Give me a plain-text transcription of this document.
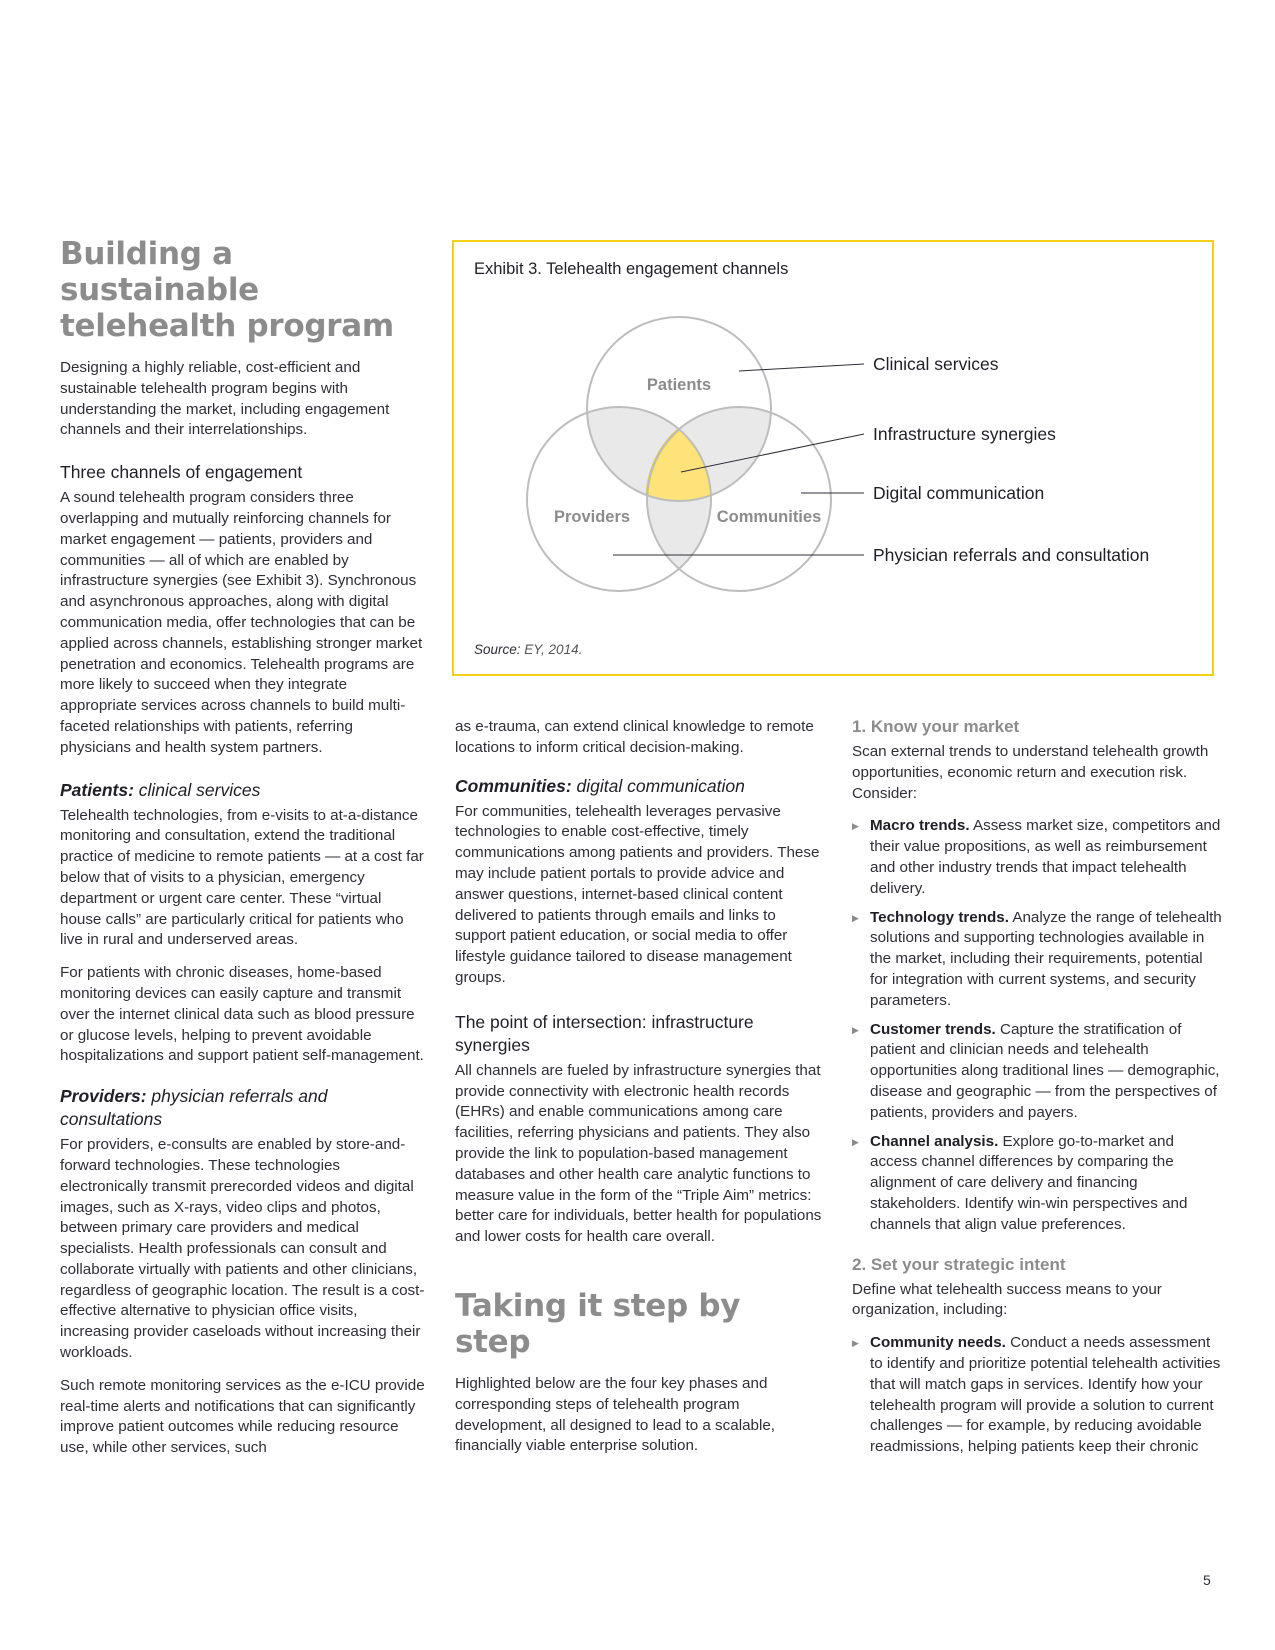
Building a sustainable telehealth program

Designing a highly reliable, cost-efficient and sustainable telehealth program begins with understanding the market, including engagement channels and their interrelationships.

Three channels of engagement

A sound telehealth program considers three overlapping and mutually reinforcing channels for market engagement — patients, providers and communities — all of which are enabled by infrastructure synergies (see Exhibit 3). Synchronous and asynchronous approaches, along with digital communication media, offer technologies that can be applied across channels, establishing stronger market penetration and economics. Telehealth programs are more likely to succeed when they integrate appropriate services across channels to build multi-faceted relationships with patients, referring physicians and health system partners.

Patients: clinical services

Telehealth technologies, from e-visits to at-a-distance monitoring and consultation, extend the traditional practice of medicine to remote patients — at a cost far below that of visits to a physician, emergency department or urgent care center. These “virtual house calls” are particularly critical for patients who live in rural and underserved areas.

For patients with chronic diseases, home-based monitoring devices can easily capture and transmit over the internet clinical data such as blood pressure or glucose levels, helping to prevent avoidable hospitalizations and support patient self-management.

Providers: physician referrals and consultations

For providers, e-consults are enabled by store-and-forward technologies. These technologies electronically transmit prerecorded videos and digital images, such as X-rays, video clips and photos, between primary care providers and medical specialists. Health professionals can consult and collaborate virtually with patients and other clinicians, regardless of geographic location. The result is a cost-effective alternative to physician office visits, increasing provider caseloads without increasing their workloads.

Such remote monitoring services as the e-ICU provide real-time alerts and notifications that can significantly improve patient outcomes while reducing resource use, while other services, such

Exhibit 3. Telehealth engagement channels
Patients
Providers	Communities
Clinical services
Infrastructure synergies
Digital communication
Physician referrals and consultation
Source: EY, 2014.

as e-trauma, can extend clinical knowledge to remote locations to inform critical decision-making.

Communities: digital communication

For communities, telehealth leverages pervasive technologies to enable cost-effective, timely communications among patients and providers. These may include patient portals to provide advice and answer questions, internet-based clinical content delivered to patients through emails and links to support patient education, or social media to offer lifestyle guidance tailored to disease management groups.

The point of intersection: infrastructure synergies

All channels are fueled by infrastructure synergies that provide connectivity with electronic health records (EHRs) and enable communications among care facilities, referring physicians and patients. They also provide the link to population-based management databases and other health care analytic functions to measure value in the form of the “Triple Aim” metrics: better care for individuals, better health for populations and lower costs for health care overall.

Taking it step by step

Highlighted below are the four key phases and corresponding steps of telehealth program development, all designed to lead to a scalable, financially viable enterprise solution.

1. Know your market

Scan external trends to understand telehealth growth opportunities, economic return and execution risk. Consider:

▶ Macro trends. Assess market size, competitors and their value propositions, as well as reimbursement and other industry trends that impact telehealth delivery.
▶ Technology trends. Analyze the range of telehealth solutions and supporting technologies available in the market, including their requirements, potential for integration with current systems, and security parameters.
▶ Customer trends. Capture the stratification of patient and clinician needs and telehealth opportunities along traditional lines — demographic, disease and geographic — from the perspectives of patients, providers and payers.
▶ Channel analysis. Explore go-to-market and access channel differences by comparing the alignment of care delivery and financing stakeholders. Identify win-win perspectives and channels that align value preferences.
2. Set your strategic intent

Define what telehealth success means to your organization, including:

▶ Community needs. Conduct a needs assessment to identify and prioritize potential telehealth activities that will match gaps in services. Identify how your telehealth program will provide a solution to current challenges — for example, by reducing avoidable readmissions, helping patients keep their chronic
5
